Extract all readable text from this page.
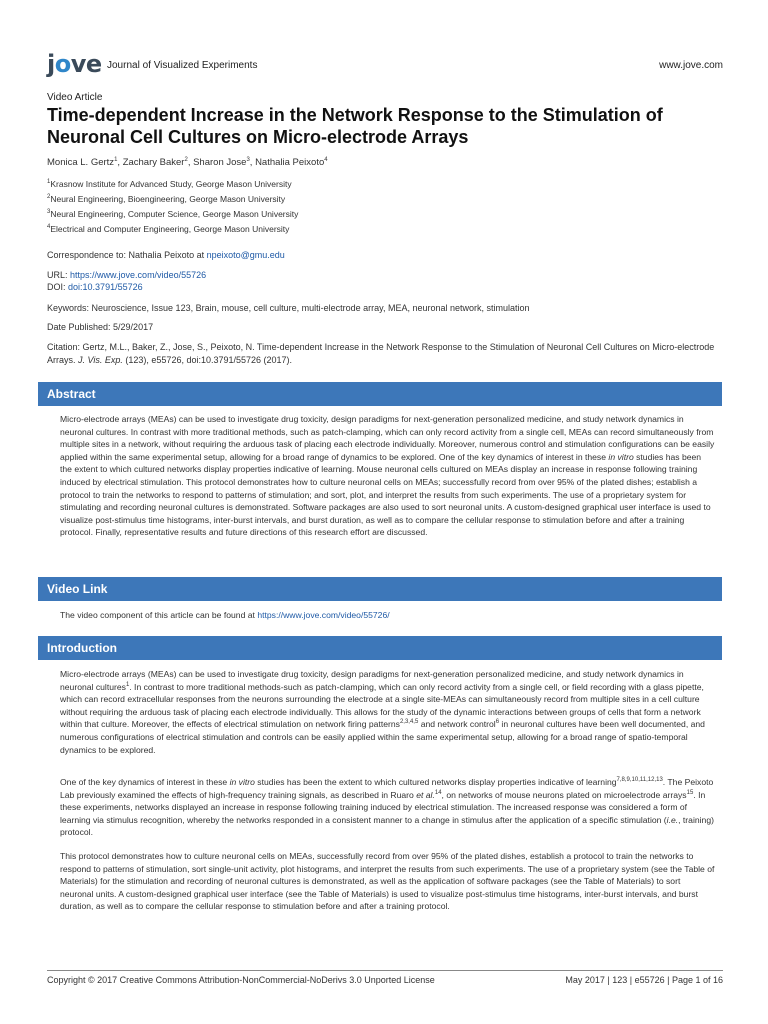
jove Journal of Visualized Experiments	www.jove.com
Video Article
Time-dependent Increase in the Network Response to the Stimulation of Neuronal Cell Cultures on Micro-electrode Arrays
Monica L. Gertz$^1$, Zachary Baker$^2$, Sharon Jose$^3$, Nathalia Peixoto$^4$
$^1$Krasnow Institute for Advanced Study, George Mason University
$^2$Neural Engineering, Bioengineering, George Mason University
$^3$Neural Engineering, Computer Science, George Mason University
$^4$Electrical and Computer Engineering, George Mason University
Correspondence to: Nathalia Peixoto at npeixoto@gmu.edu
URL: https://www.jove.com/video/55726
DOI: doi:10.3791/55726
Keywords: Neuroscience, Issue 123, Brain, mouse, cell culture, multi-electrode array, MEA, neuronal network, stimulation
Date Published: 5/29/2017
Citation: Gertz, M.L., Baker, Z., Jose, S., Peixoto, N. Time-dependent Increase in the Network Response to the Stimulation of Neuronal Cell Cultures on Micro-electrode Arrays. J. Vis. Exp. (123), e55726, doi:10.3791/55726 (2017).
Abstract

Micro-electrode arrays (MEAs) can be used to investigate drug toxicity, design paradigms for next-generation personalized medicine, and study network dynamics in neuronal cultures. In contrast with more traditional methods, such as patch-clamping, which can only record activity from a single cell, MEAs can record simultaneously from multiple sites in a network, without requiring the arduous task of placing each electrode individually. Moreover, numerous control and stimulation configurations can be easily applied within the same experimental setup, allowing for a broad range of dynamics to be explored. One of the key dynamics of interest in these in vitro studies has been the extent to which cultured networks display properties indicative of learning. Mouse neuronal cells cultured on MEAs display an increase in response following training induced by electrical stimulation. This protocol demonstrates how to culture neuronal cells on MEAs; successfully record from over 95% of the plated dishes; establish a protocol to train the networks to respond to patterns of stimulation; and sort, plot, and interpret the results from such experiments. The use of a proprietary system for stimulating and recording neuronal cultures is demonstrated. Software packages are also used to sort neuronal units. A custom-designed graphical user interface is used to visualize post-stimulus time histograms, inter-burst intervals, and burst duration, as well as to compare the cellular response to stimulation before and after a training protocol. Finally, representative results and future directions of this research effort are discussed.

Video Link

The video component of this article can be found at https://www.jove.com/video/55726/

Introduction

Micro-electrode arrays (MEAs) can be used to investigate drug toxicity, design paradigms for next-generation personalized medicine, and study network dynamics in neuronal cultures$^1$. In contrast to more traditional methods-such as patch-clamping, which can only record activity from a single cell, or field recording with a glass pipette, which can record extracellular responses from the neurons surrounding the electrode at a single site-MEAs can simultaneously record from multiple sites in a cell culture without requiring the arduous task of placing each electrode individually. This allows for the study of the dynamic interactions between groups of cells that form a network within that culture. Moreover, the effects of electrical stimulation on network firing patterns$^{2,3,4,5}$ and network control$^6$ in neuronal cultures have been well documented, and numerous configurations of electrical stimulation and controls can be easily applied within the same experimental setup, allowing for a broad range of spatio-temporal dynamics to be explored.

One of the key dynamics of interest in these in vitro studies has been the extent to which cultured networks display properties indicative of learning$^{7,8,9,10,11,12,13}$. The Peixoto Lab previously examined the effects of high-frequency training signals, as described in Ruaro et al.$^{14}$, on networks of mouse neurons plated on microelectrode arrays$^{15}$. In these experiments, networks displayed an increase in response following training induced by electrical stimulation. The increased response was considered a form of learning via stimulus recognition, whereby the networks responded in a consistent manner to a change in stimulus after the application of a specific stimulation (i.e., training) protocol.

This protocol demonstrates how to culture neuronal cells on MEAs, successfully record from over 95% of the plated dishes, establish a protocol to train the networks to respond to patterns of stimulation, sort single-unit activity, plot histograms, and interpret the results from such experiments. The use of a proprietary system (see the Table of Materials) for the stimulation and recording of neuronal cultures is demonstrated, as well as the application of software packages (see the Table of Materials) to sort neuronal units. A custom-designed graphical user interface (see the Table of Materials) is used to visualize post-stimulus time histograms, inter-burst intervals, and burst duration, as well as to compare the cellular response to stimulation before and after a training protocol.

Copyright © 2017 Creative Commons Attribution-NonCommercial-NoDerivs 3.0 Unported License	May 2017 | 123 | e55726 | Page 1 of 16
